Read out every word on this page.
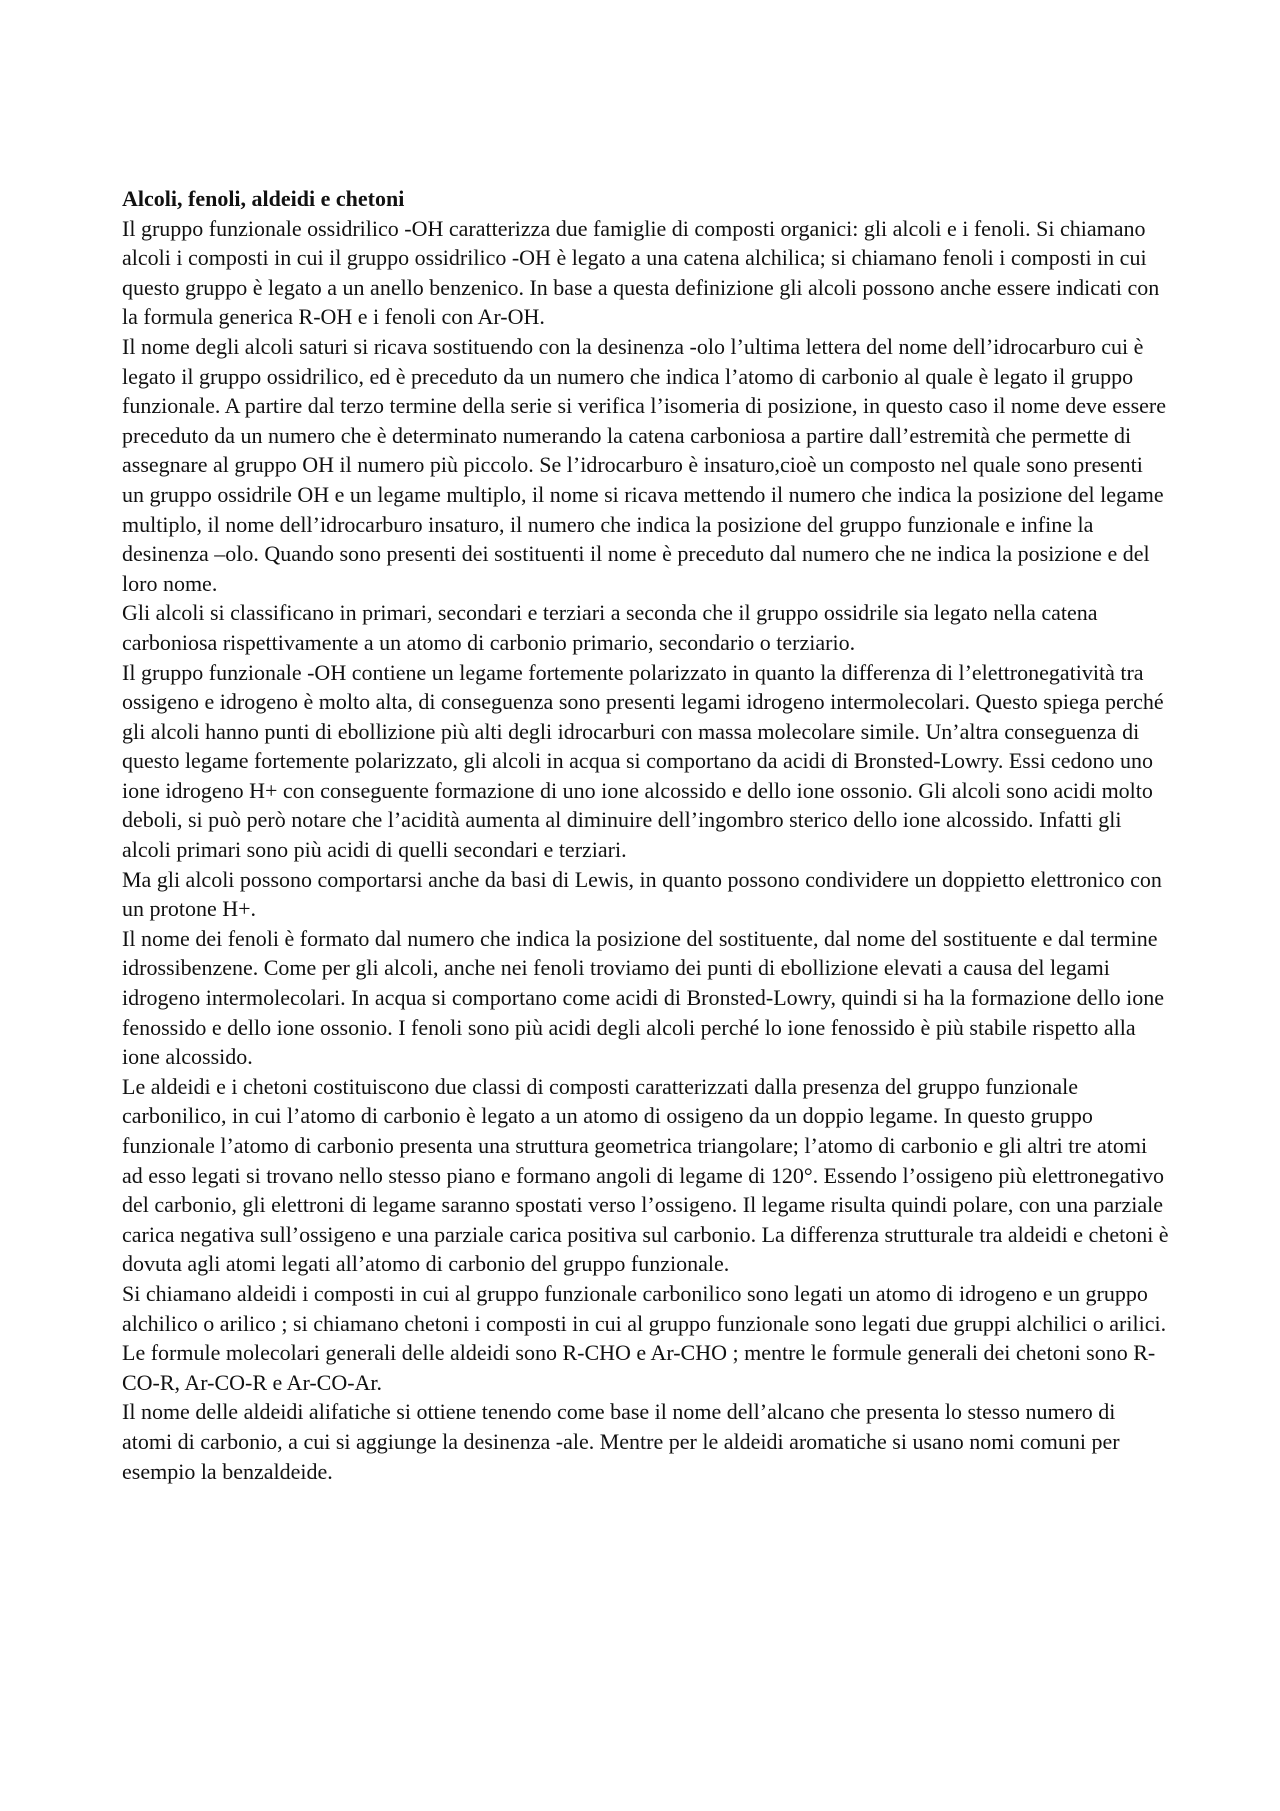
Alcoli, fenoli, aldeidi e chetoni

Il gruppo funzionale ossidrilico -OH caratterizza due famiglie di composti organici: gli alcoli e i fenoli. Si chiamano alcoli i composti in cui il gruppo ossidrilico -OH è legato a una catena alchilica; si chiamano fenoli i composti in cui questo gruppo è legato a un anello benzenico. In base a questa definizione gli alcoli possono anche essere indicati con la formula generica R-OH e i fenoli con Ar-OH.

Il nome degli alcoli saturi si ricava sostituendo con la desinenza -olo l’ultima lettera del nome dell’idrocarburo cui è legato il gruppo ossidrilico, ed è preceduto da un numero che indica l’atomo di carbonio al quale è legato il gruppo funzionale. A partire dal terzo termine della serie si verifica l’isomeria di posizione, in questo caso il nome deve essere preceduto da un numero che è determinato numerando la catena carboniosa a partire dall’estremità che permette di assegnare al gruppo OH il numero più piccolo. Se l’idrocarburo è insaturo,cioè un composto nel quale sono presenti un gruppo ossidrile OH e un legame multiplo, il nome si ricava mettendo il numero che indica la posizione del legame multiplo, il nome dell’idrocarburo insaturo, il numero che indica la posizione del gruppo funzionale e infine la desinenza –olo. Quando sono presenti dei sostituenti il nome è preceduto dal numero che ne indica la posizione e del loro nome.

Gli alcoli si classificano in primari, secondari e terziari a seconda che il gruppo ossidrile sia legato nella catena carboniosa rispettivamente a un atomo di carbonio primario, secondario o terziario.

Il gruppo funzionale -OH contiene un legame fortemente polarizzato in quanto la differenza di l’elettronegatività tra ossigeno e idrogeno è molto alta, di conseguenza sono presenti legami idrogeno intermolecolari. Questo spiega perché gli alcoli hanno punti di ebollizione più alti degli idrocarburi con massa molecolare simile. Un’altra conseguenza di questo legame fortemente polarizzato, gli alcoli in acqua si comportano da acidi di Bronsted-Lowry. Essi cedono uno ione idrogeno H+ con conseguente formazione di uno ione alcossido e dello ione ossonio. Gli alcoli sono acidi molto deboli, si può però notare che l’acidità aumenta al diminuire dell’ingombro sterico dello ione alcossido. Infatti gli alcoli primari sono più acidi di quelli secondari e terziari.

Ma gli alcoli possono comportarsi anche da basi di Lewis, in quanto possono condividere un doppietto elettronico con un protone H+.

Il nome dei fenoli è formato dal numero che indica la posizione del sostituente, dal nome del sostituente e dal termine idrossibenzene. Come per gli alcoli, anche nei fenoli troviamo dei punti di ebollizione elevati a causa del legami idrogeno intermolecolari. In acqua si comportano come acidi di Bronsted-Lowry, quindi si ha la formazione dello ione fenossido e dello ione ossonio. I fenoli sono più acidi degli alcoli perché lo ione fenossido è più stabile rispetto alla ione alcossido.

Le aldeidi e i chetoni costituiscono due classi di composti caratterizzati dalla presenza del gruppo funzionale carbonilico, in cui l’atomo di carbonio è legato a un atomo di ossigeno da un doppio legame. In questo gruppo funzionale l’atomo di carbonio presenta una struttura geometrica triangolare; l’atomo di carbonio e gli altri tre atomi ad esso legati si trovano nello stesso piano e formano angoli di legame di 120°. Essendo l’ossigeno più elettronegativo del carbonio, gli elettroni di legame saranno spostati verso l’ossigeno. Il legame risulta quindi polare, con una parziale carica negativa sull’ossigeno e una parziale carica positiva sul carbonio. La differenza strutturale tra aldeidi e chetoni è dovuta agli atomi legati all’atomo di carbonio del gruppo funzionale.

Si chiamano aldeidi i composti in cui al gruppo funzionale carbonilico sono legati un atomo di idrogeno e un gruppo alchilico o arilico ; si chiamano chetoni i composti in cui al gruppo funzionale sono legati due gruppi alchilici o arilici.

Le formule molecolari generali delle aldeidi sono R-CHO e Ar-CHO ; mentre le formule generali dei chetoni sono R-CO-R, Ar-CO-R e Ar-CO-Ar.

Il nome delle aldeidi alifatiche si ottiene tenendo come base il nome dell’alcano che presenta lo stesso numero di atomi di carbonio, a cui si aggiunge la desinenza -ale. Mentre per le aldeidi aromatiche si usano nomi comuni per esempio la benzaldeide.
